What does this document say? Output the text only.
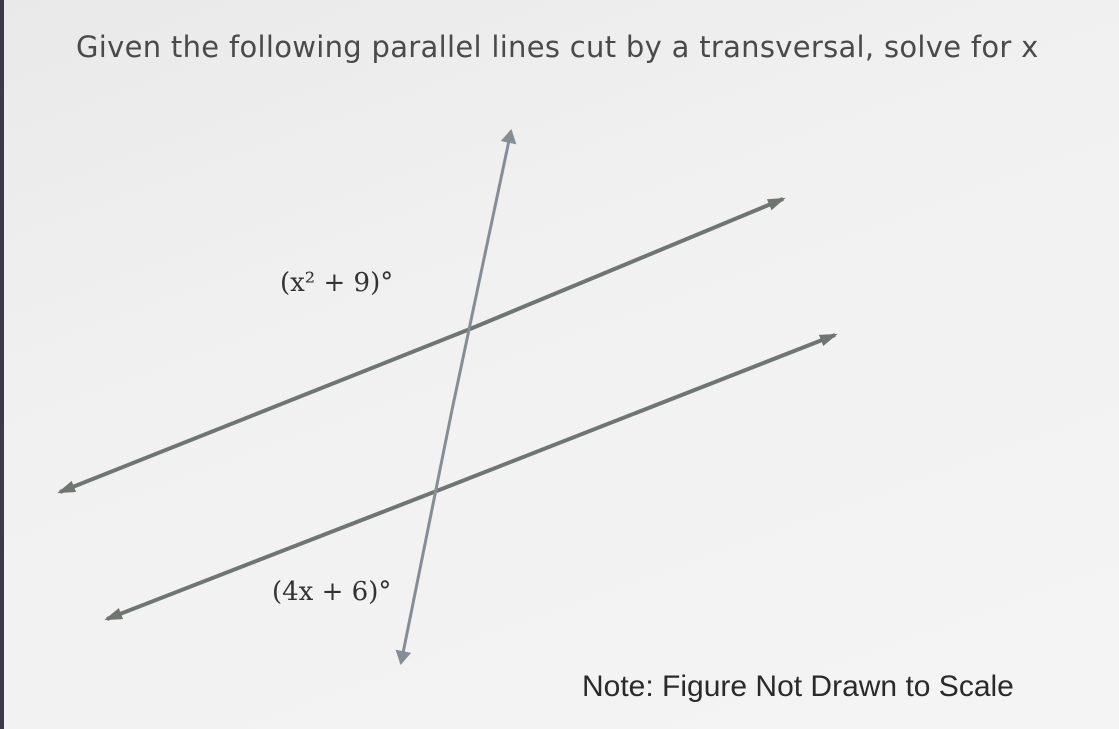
Given the following parallel lines cut by a transversal, solve for x
(x² + 9)°
(4x + 6)°
Note: Figure Not Drawn to Scale
